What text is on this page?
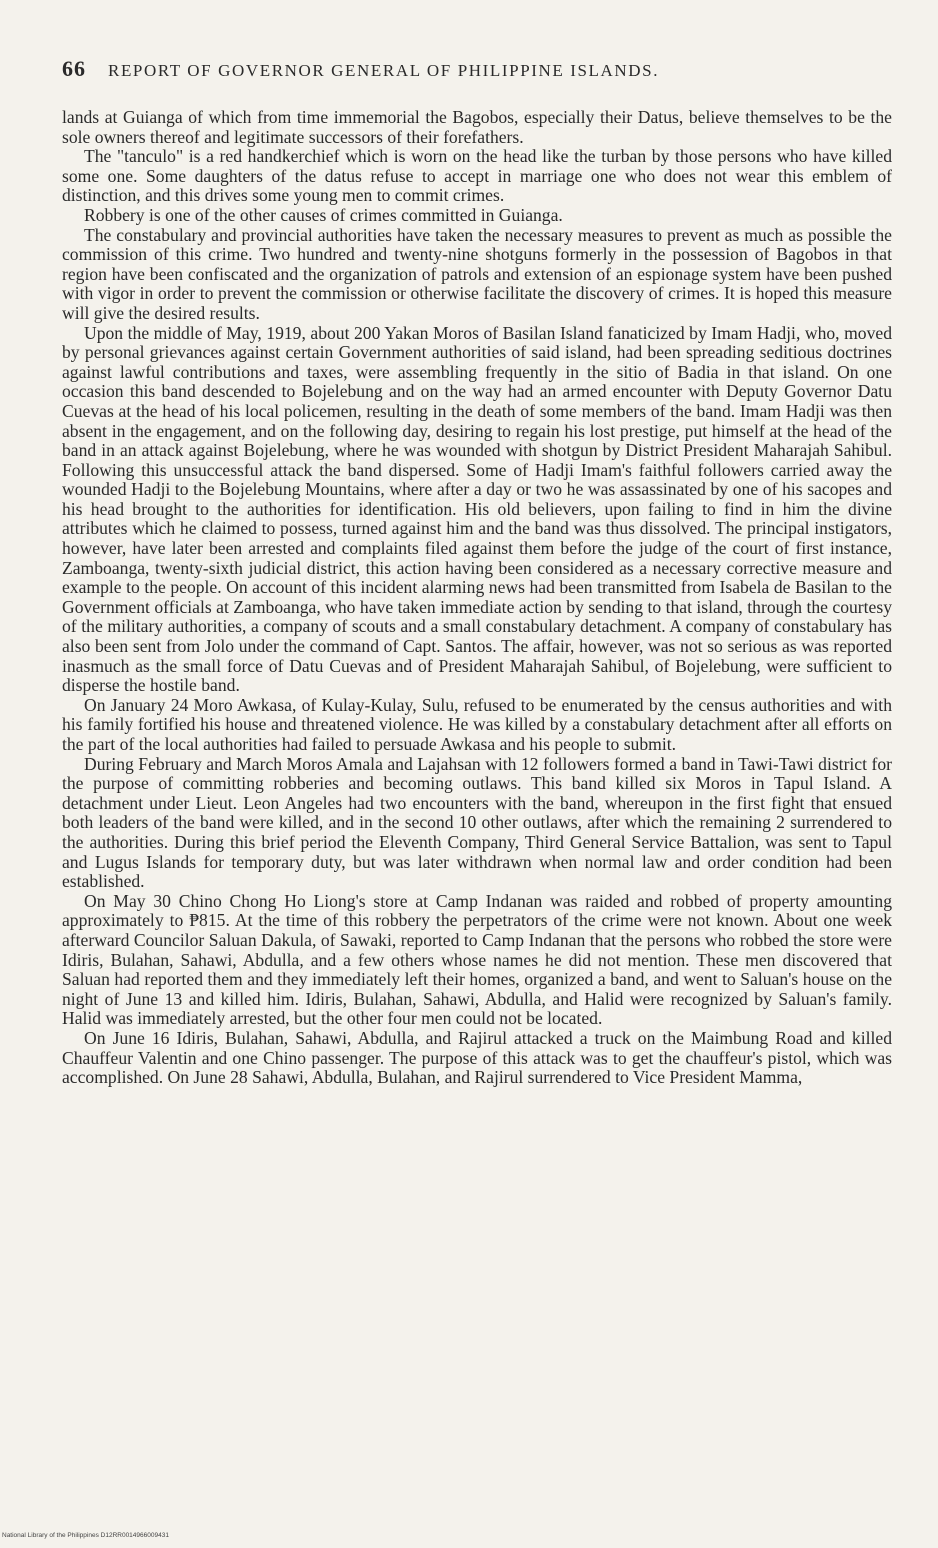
66 REPORT OF GOVERNOR GENERAL OF PHILIPPINE ISLANDS.

lands at Guianga of which from time immemorial the Bagobos, especially their Datus, believe themselves to be the sole owners thereof and legitimate successors of their forefathers.

The "tanculo" is a red handkerchief which is worn on the head like the turban by those persons who have killed some one. Some daughters of the datus refuse to accept in marriage one who does not wear this emblem of distinction, and this drives some young men to commit crimes.

Robbery is one of the other causes of crimes committed in Guianga.

The constabulary and provincial authorities have taken the necessary measures to prevent as much as possible the commission of this crime. Two hundred and twenty-nine shotguns formerly in the possession of Bagobos in that region have been confiscated and the organization of patrols and extension of an espionage system have been pushed with vigor in order to prevent the commission or otherwise facilitate the discovery of crimes. It is hoped this measure will give the desired results.

Upon the middle of May, 1919, about 200 Yakan Moros of Basilan Island fanaticized by Imam Hadji, who, moved by personal grievances against certain Government authorities of said island, had been spreading seditious doctrines against lawful contributions and taxes, were assembling frequently in the sitio of Badia in that island. On one occasion this band descended to Bojelebung and on the way had an armed encounter with Deputy Governor Datu Cuevas at the head of his local policemen, resulting in the death of some members of the band. Imam Hadji was then absent in the engagement, and on the following day, desiring to regain his lost prestige, put himself at the head of the band in an attack against Bojelebung, where he was wounded with shotgun by District President Maharajah Sahibul. Following this unsuccessful attack the band dispersed. Some of Hadji Imam's faithful followers carried away the wounded Hadji to the Bojelebung Mountains, where after a day or two he was assassinated by one of his sacopes and his head brought to the authorities for identification. His old believers, upon failing to find in him the divine attributes which he claimed to possess, turned against him and the band was thus dissolved. The principal instigators, however, have later been arrested and complaints filed against them before the judge of the court of first instance, Zamboanga, twenty-sixth judicial district, this action having been considered as a necessary corrective measure and example to the people. On account of this incident alarming news had been transmitted from Isabela de Basilan to the Government officials at Zamboanga, who have taken immediate action by sending to that island, through the courtesy of the military authorities, a company of scouts and a small constabulary detachment. A company of constabulary has also been sent from Jolo under the command of Capt. Santos. The affair, however, was not so serious as was reported inasmuch as the small force of Datu Cuevas and of President Maharajah Sahibul, of Bojelebung, were sufficient to disperse the hostile band.

On January 24 Moro Awkasa, of Kulay-Kulay, Sulu, refused to be enumerated by the census authorities and with his family fortified his house and threatened violence. He was killed by a constabulary detachment after all efforts on the part of the local authorities had failed to persuade Awkasa and his people to submit.

During February and March Moros Amala and Lajahsan with 12 followers formed a band in Tawi-Tawi district for the purpose of committing robberies and becoming outlaws. This band killed six Moros in Tapul Island. A detachment under Lieut. Leon Angeles had two encounters with the band, whereupon in the first fight that ensued both leaders of the band were killed, and in the second 10 other outlaws, after which the remaining 2 surrendered to the authorities. During this brief period the Eleventh Company, Third General Service Battalion, was sent to Tapul and Lugus Islands for temporary duty, but was later withdrawn when normal law and order condition had been established.

On May 30 Chino Chong Ho Liong's store at Camp Indanan was raided and robbed of property amounting approximately to ₱815. At the time of this robbery the perpetrators of the crime were not known. About one week afterward Councilor Saluan Dakula, of Sawaki, reported to Camp Indanan that the persons who robbed the store were Idiris, Bulahan, Sahawi, Abdulla, and a few others whose names he did not mention. These men discovered that Saluan had reported them and they immediately left their homes, organized a band, and went to Saluan's house on the night of June 13 and killed him. Idiris, Bulahan, Sahawi, Abdulla, and Halid were recognized by Saluan's family. Halid was immediately arrested, but the other four men could not be located.

On June 16 Idiris, Bulahan, Sahawi, Abdulla, and Rajirul attacked a truck on the Maimbung Road and killed Chauffeur Valentin and one Chino passenger. The purpose of this attack was to get the chauffeur's pistol, which was accomplished. On June 28 Sahawi, Abdulla, Bulahan, and Rajirul surrendered to Vice President Mamma,

National Library of the Philippines D12RR0014966009431
